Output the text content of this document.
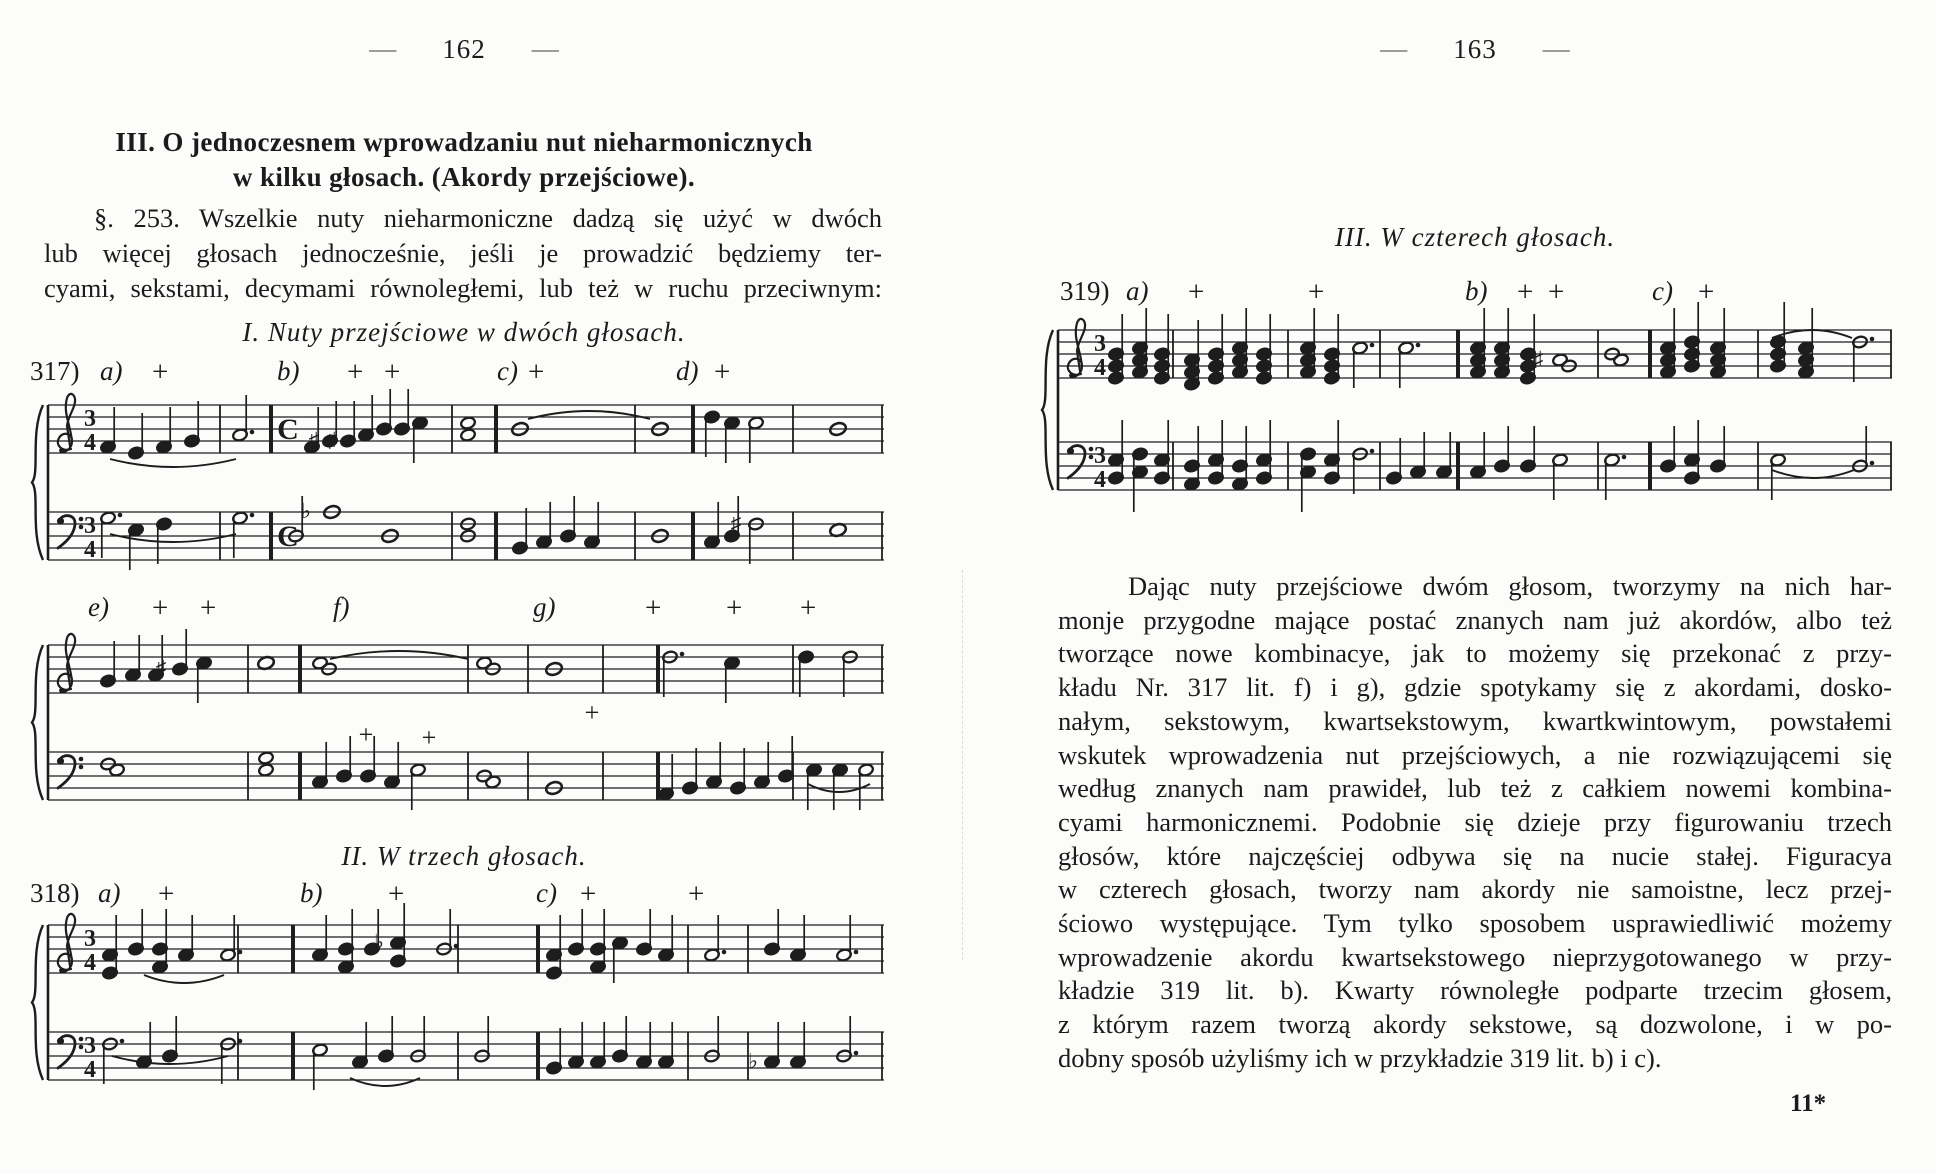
— 162 —
III. O jednoczesnem wprowadzaniu nut nieharmonicznych
w kilku głosach. (Akordy przejściowe).
§. 253. Wszelkie nuty nieharmoniczne dadzą się użyć w dwóch
lub więcej głosach jednocześnie, jeśli je prowadzić będziemy ter-
cyami, sekstami, decymami równoległemi, lub też w ruchu przeciwnym:
I. Nuty przejściowe w dwóch głosach.
II. W trzech głosach.
— 163 —
III. W czterech głosach.
Dając nuty przejściowe dwóm głosom, tworzymy na nich har-
monje przygodne mające postać znanych nam już akordów, albo też
tworzące nowe kombinacye, jak to możemy się przekonać z przy-
kładu Nr. 317 lit. f) i g), gdzie spotykamy się z akordami, dosko-
nałym, sekstowym, kwartsekstowym, kwartkwintowym, powstałemi
wskutek wprowadzenia nut przejściowych, a nie rozwiązującemi się
według znanych nam prawideł, lub też z całkiem nowemi kombina-
cyami harmonicznemi. Podobnie się dzieje przy figurowaniu trzech
głosów, które najczęściej odbywa się na nucie stałej. Figuracya
w czterech głosach, tworzy nam akordy nie samoistne, lecz przej-
ściowo występujące. Tym tylko sposobem usprawiedliwić możemy
wprowadzenie akordu kwartsekstowego nieprzygotowanego w przy-
kładzie 319 lit. b). Kwarty równoległe podparte trzecim głosem,
z którym razem tworzą akordy sekstowe, są dozwolone, i w po-
dobny sposób użyliśmy ich w przykładzie 319 lit. b) i c).
11*
317) a) +	b) + +	c) +	d) +
e) + +	f)	g)	+ + +
318) a) +	b) +	c) +	+
319) a) +	+	b) + +	c) +
3
4
3
4
C
C
♯ ♯
♭	♯
♯
+ +
+
3
4
3
4
♭
♭
3
4
3
4
♯
